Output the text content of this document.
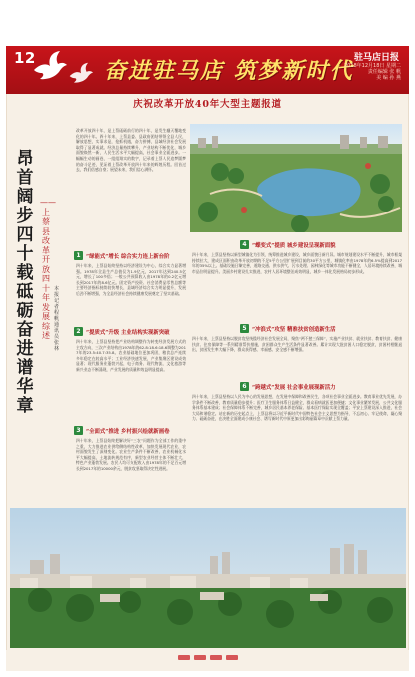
12	奋进驻马店 筑梦新时代 驻马店日报
2018年12月18日 星期二
责任编辑 张 帆
美 编 孙 燕
庆祝改革开放40年大型主题报道
昂首阔步四十载 砥砺奋进谱华章
——上蔡县改革开放四十年发展综述
本报记者 程 帆 通讯员 张 林
改革开放四十年，是上蔡砥砺前行的四十年，是发生翻天覆地变化的四十年。四十年来，上蔡县委、县政府团结带领全县人民，解放思想，实事求是，抢抓机遇，奋力拼搏，县域经济社会发展取得了显著成就。经济总量持续攀升，产业结构不断优化，城乡面貌焕然一新，人民生活水平大幅提高，社会事业全面进步。一幅幅生动的画卷，一组组翔实的数字，记录着上蔡人民追梦圆梦的奋斗足迹，见证着上蔡改革开放四十年来的辉煌历程。回首过去，我们倍感自豪；展望未来，我们信心满怀。
1	“绿能式”增长 综合实力连上新台阶
四十年来，上蔡县始终坚持以经济建设为中心，综合实力显著增强。1978年全县生产总值仅为1.9亿元，2017年达到240.5亿元，增长了100多倍；一般公共预算收入由1978年的0.2亿元增长到2017年的8.6亿元。固定资产投资、社会消费品零售总额等主要经济指标持续较快增长，县域经济综合实力明显提升，发展后劲不断增强，为全县经济社会持续健康发展奠定了坚实基础。
2	“提质式”升级 主业结构实现新突破
四十年来，上蔡县坚持把产业结构调整作为转变经济发展方式的主攻方向，三次产业结构由1978年的62.8:18.6:18.6调整为2017年的23.5:40.7:35.8。农业基础地位更加巩固，粮食总产连续多年稳定在较高水平；工业经济快速发展，产业集聚区建设成效显著；现代服务业蓬勃兴起，电子商务、现代物流、文化旅游等新兴业态不断涌现，产业发展的质量和效益明显提高。
3	“全面式”推进 乡村振兴绘就新画卷
四十年来，上蔡县始终把解决好“三农”问题作为全部工作的重中之重，大力推进农业供给侧结构性改革，加快发展现代农业，农村面貌发生了深刻变化。农业生产条件不断改善，农业机械化水平大幅提高，土地流转规范有序，新型农业经营主体不断壮大，特色产业蓬勃发展。农民人均可支配收入由1978年的不足百元增长到2017年的10000余元，脱贫攻坚取得决定性进展。
4	“蝶变式”提质 城乡建设呈现新面貌
四十年来，上蔡县坚持以新型城镇化为引领，统筹推进城乡建设，城乡面貌日新月异。城市规划建设水平不断提升，城市框架持续拉大，建成区面积由改革开放初期的不足5平方公里扩展到目前的30平方公里，城镇化率由1978年的6.5%提高到2017年的35%以上。基础设施日臻完善，道路交通、供水供气、污水处理、园林绿化等城市功能不断健全，人居环境持续改善，城市品位明显提升。美丽乡村建设扎实推进，农村人居环境整治成效明显，城乡一体化发展格局初步形成。
5	“冲浪式”攻坚 精准扶贫创造新生活
四十年来，上蔡县坚持以脱贫攻坚统揽经济社会发展全局，聚焦“两不愁三保障”，实施产业扶贫、就业扶贫、教育扶贫、健康扶贫、住房保障等一系列精准帮扶措施，贫困群众生产生活条件显著改善。累计实现大批贫困人口稳定脱贫，贫困村相继退出，贫困发生率大幅下降，群众获得感、幸福感、安全感不断增强。
6	“跨越式”发展 社会事业展现新活力
四十年来，上蔡县坚持以人民为中心的发展思想，在发展中保障和改善民生，各项社会事业全面进步。教育事业优先发展，办学条件不断改善，教育质量稳步提升；医疗卫生服务体系日益健全，群众看病就医更加便捷；文化事业繁荣发展，公共文化服务体系基本建成；社会保障体系不断完善，城乡居民基本养老保险、基本医疗保险实现全覆盖；平安上蔡建设深入推进，社会大局和谐稳定。站在新的历史起点上，上蔡县将以习近平新时代中国特色社会主义思想为指导，不忘初心、牢记使命，凝心聚力、砥砺奋进，在决胜全面建成小康社会、谱写新时代中原更加出彩绚丽篇章中贡献上蔡力量。
